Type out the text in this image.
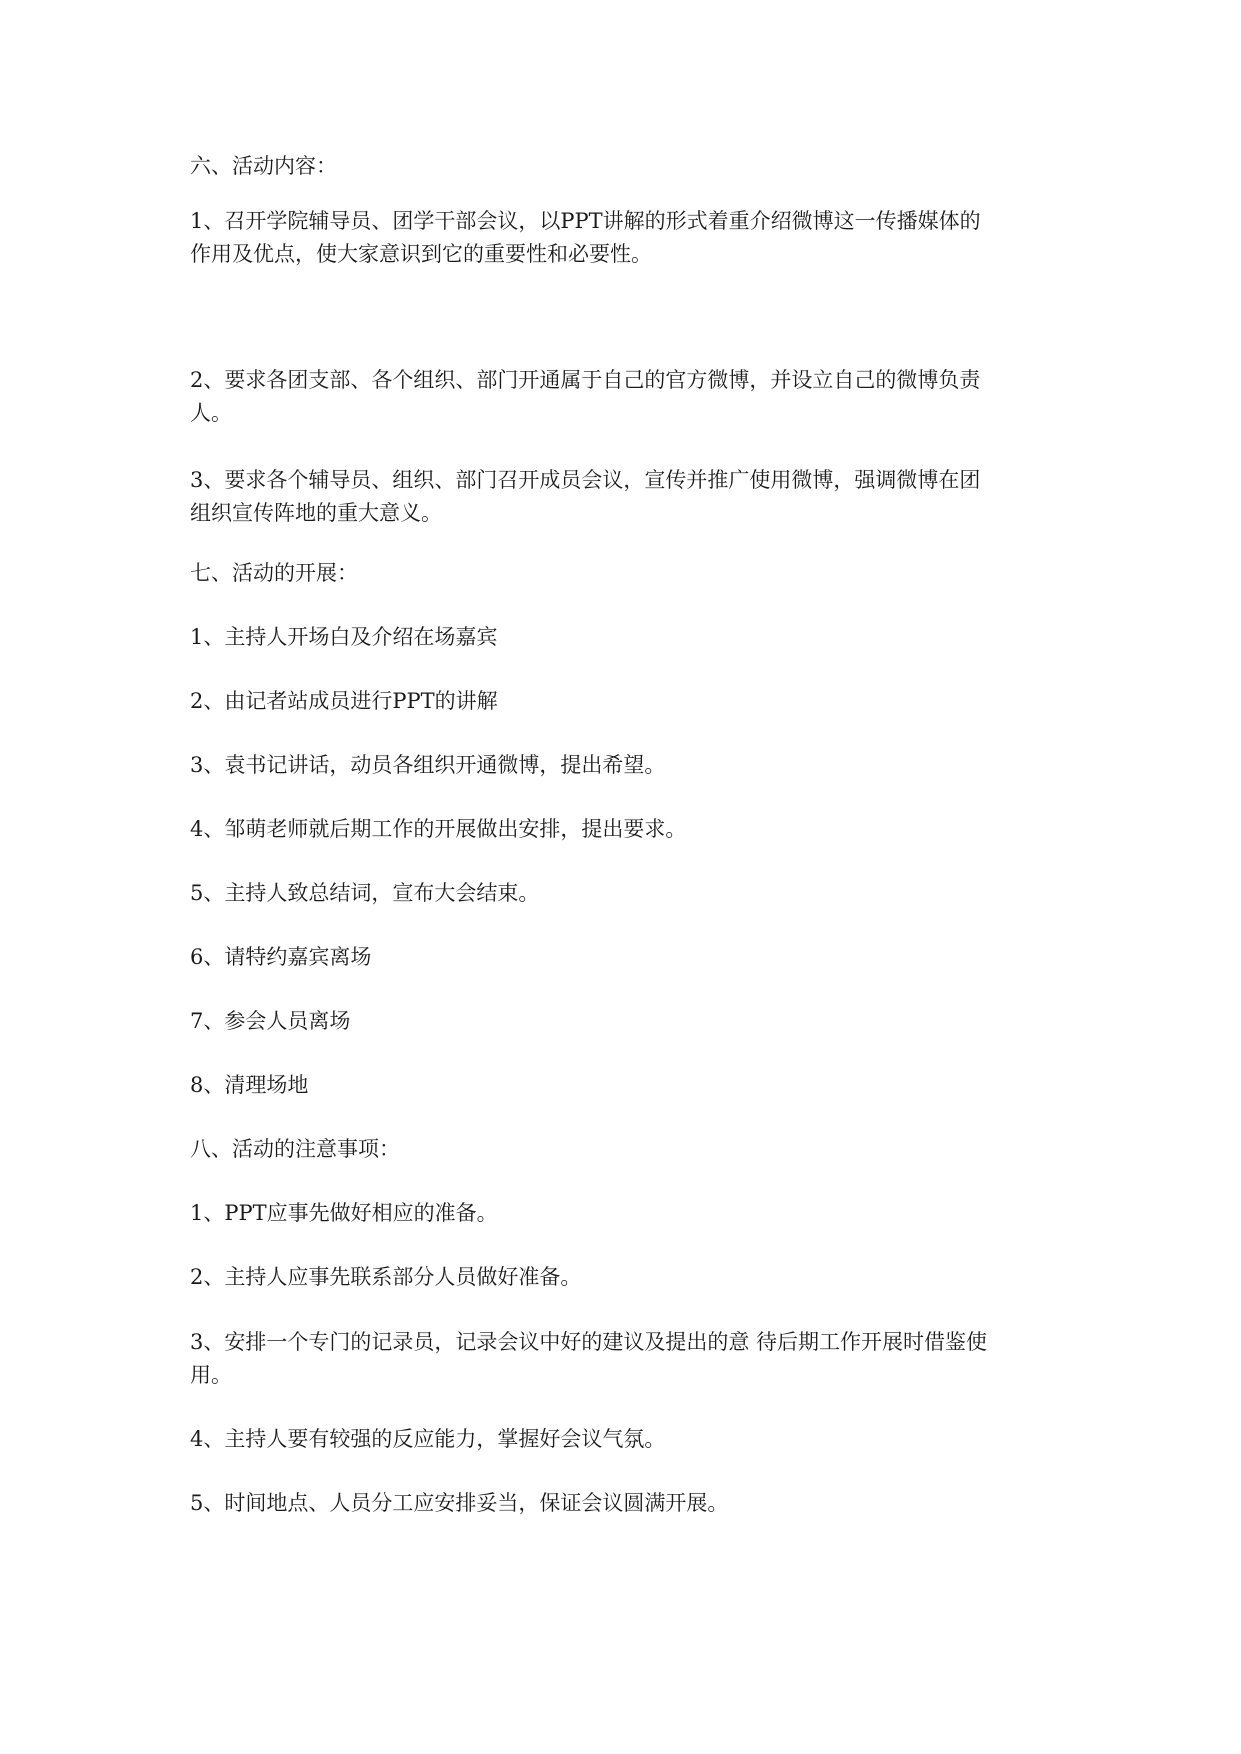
六、活动内容：
1、召开学院辅导员、团学干部会议，以PPT讲解的形式着重介绍微博这一传播媒体的
作用及优点，使大家意识到它的重要性和必要性。
2、要求各团支部、各个组织、部门开通属于自己的官方微博，并设立自己的微博负责
人。
3、要求各个辅导员、组织、部门召开成员会议，宣传并推广使用微博，强调微博在团
组织宣传阵地的重大意义。
七、活动的开展：
1、主持人开场白及介绍在场嘉宾
2、由记者站成员进行PPT的讲解
3、袁书记讲话，动员各组织开通微博，提出希望。
4、邹萌老师就后期工作的开展做出安排，提出要求。
5、主持人致总结词，宣布大会结束。
6、请特约嘉宾离场
7、参会人员离场
8、清理场地
八、活动的注意事项：
1、PPT应事先做好相应的准备。
2、主持人应事先联系部分人员做好准备。
3、安排一个专门的记录员，记录会议中好的建议及提出的意 待后期工作开展时借鉴使
用。
4、主持人要有较强的反应能力，掌握好会议气氛。
5、时间地点、人员分工应安排妥当，保证会议圆满开展。
